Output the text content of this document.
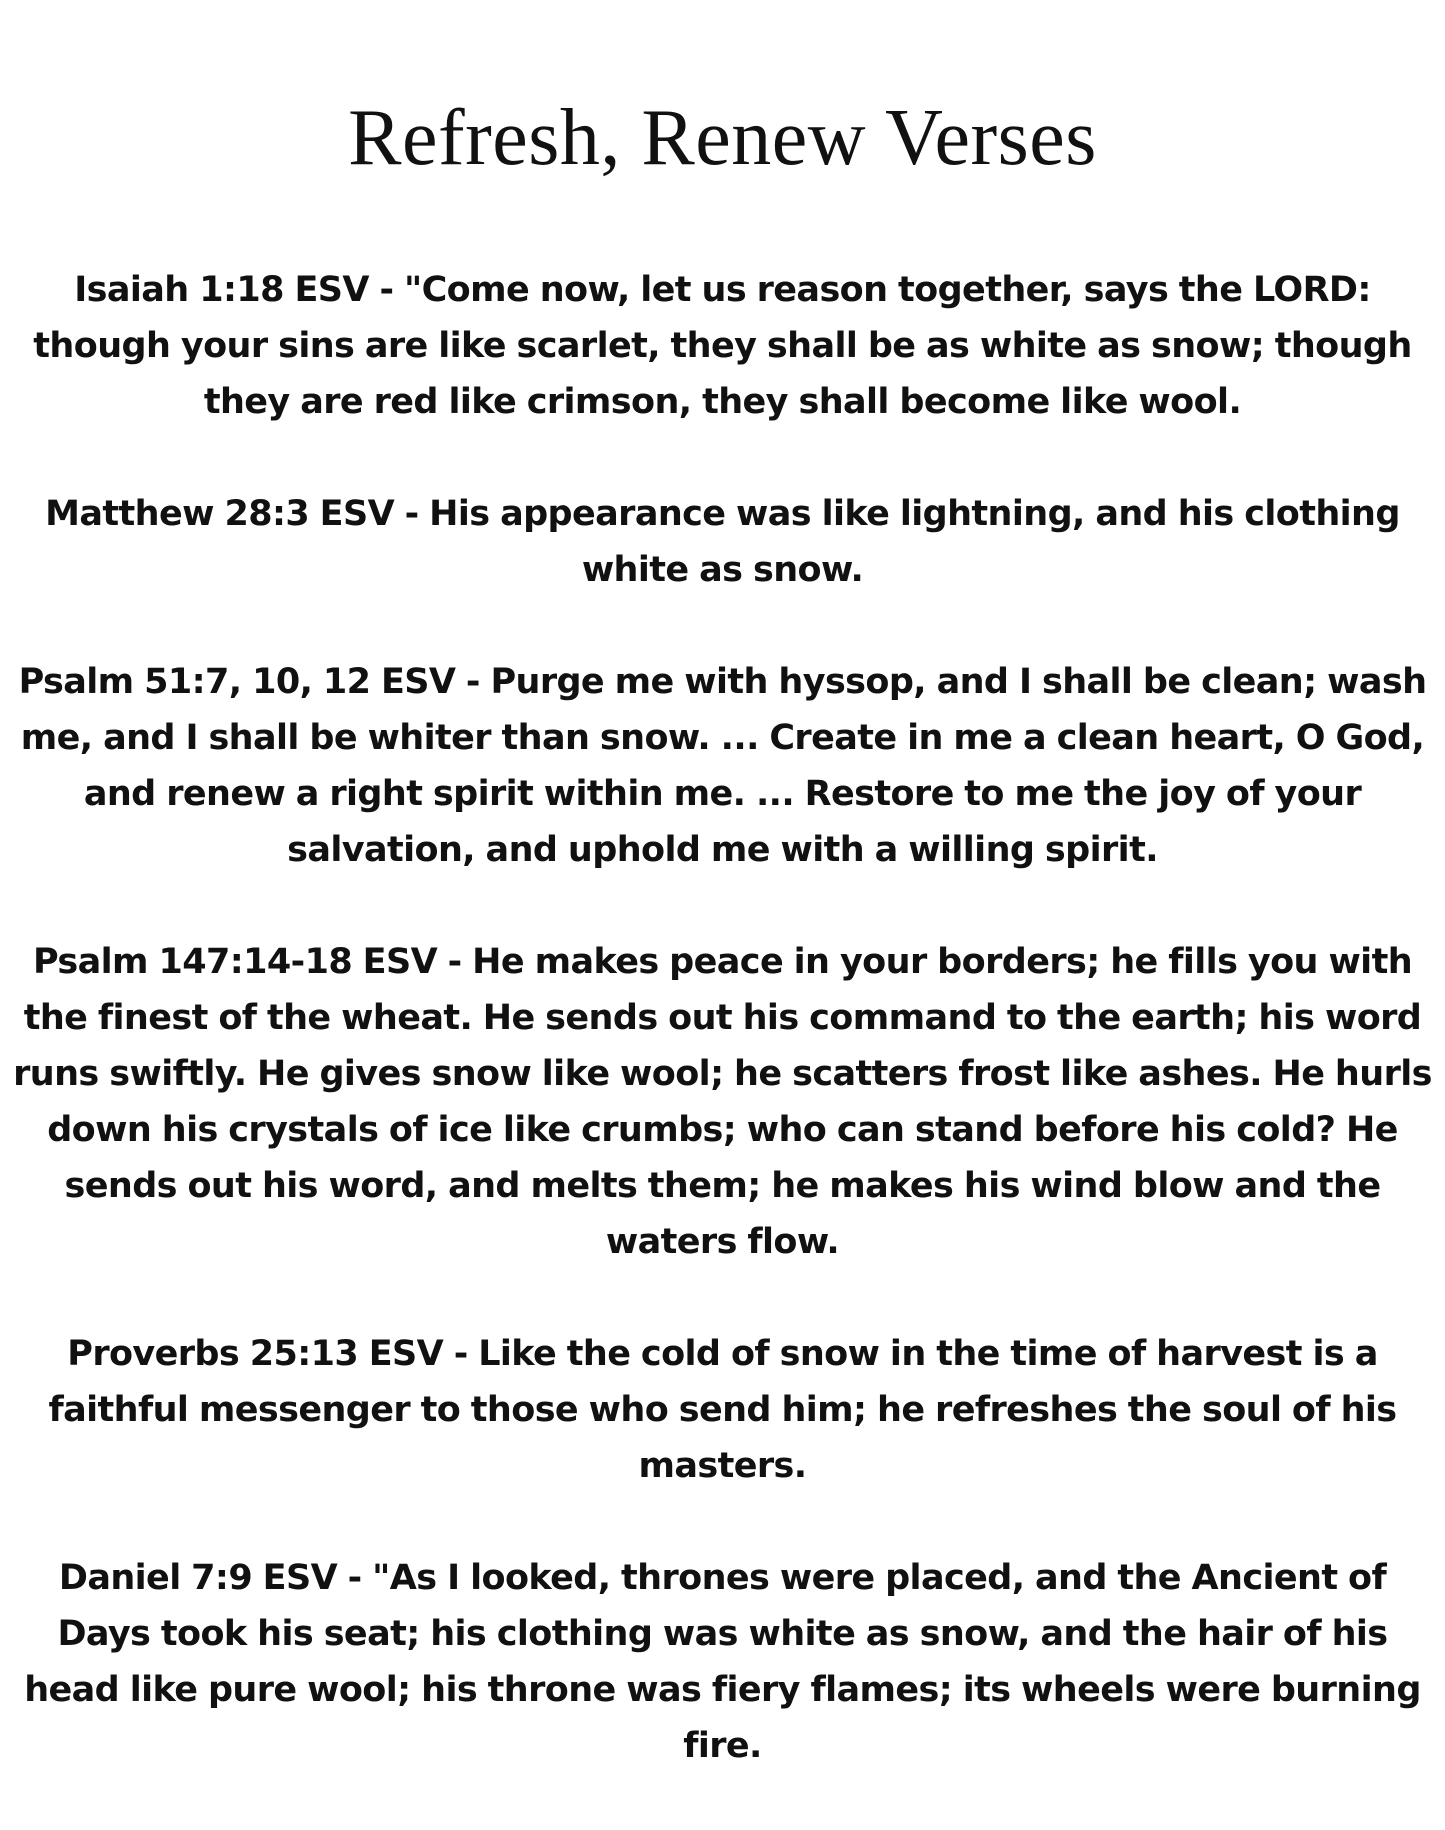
Refresh, Renew Verses

Isaiah 1:18 ESV - "Come now, let us reason together, says the LORD: though your sins are like scarlet, they shall be as white as snow; though they are red like crimson, they shall become like wool.

Matthew 28:3 ESV - His appearance was like lightning, and his clothing white as snow.

Psalm 51:7, 10, 12 ESV - Purge me with hyssop, and I shall be clean; wash me, and I shall be whiter than snow. ... Create in me a clean heart, O God, and renew a right spirit within me. ... Restore to me the joy of your salvation, and uphold me with a willing spirit.

Psalm 147:14-18 ESV - He makes peace in your borders; he fills you with the finest of the wheat. He sends out his command to the earth; his word runs swiftly. He gives snow like wool; he scatters frost like ashes. He hurls down his crystals of ice like crumbs; who can stand before his cold? He sends out his word, and melts them; he makes his wind blow and the waters flow.

Proverbs 25:13 ESV - Like the cold of snow in the time of harvest is a faithful messenger to those who send him; he refreshes the soul of his masters.

Daniel 7:9 ESV - "As I looked, thrones were placed, and the Ancient of Days took his seat; his clothing was white as snow, and the hair of his head like pure wool; his throne was fiery flames; its wheels were burning fire.
